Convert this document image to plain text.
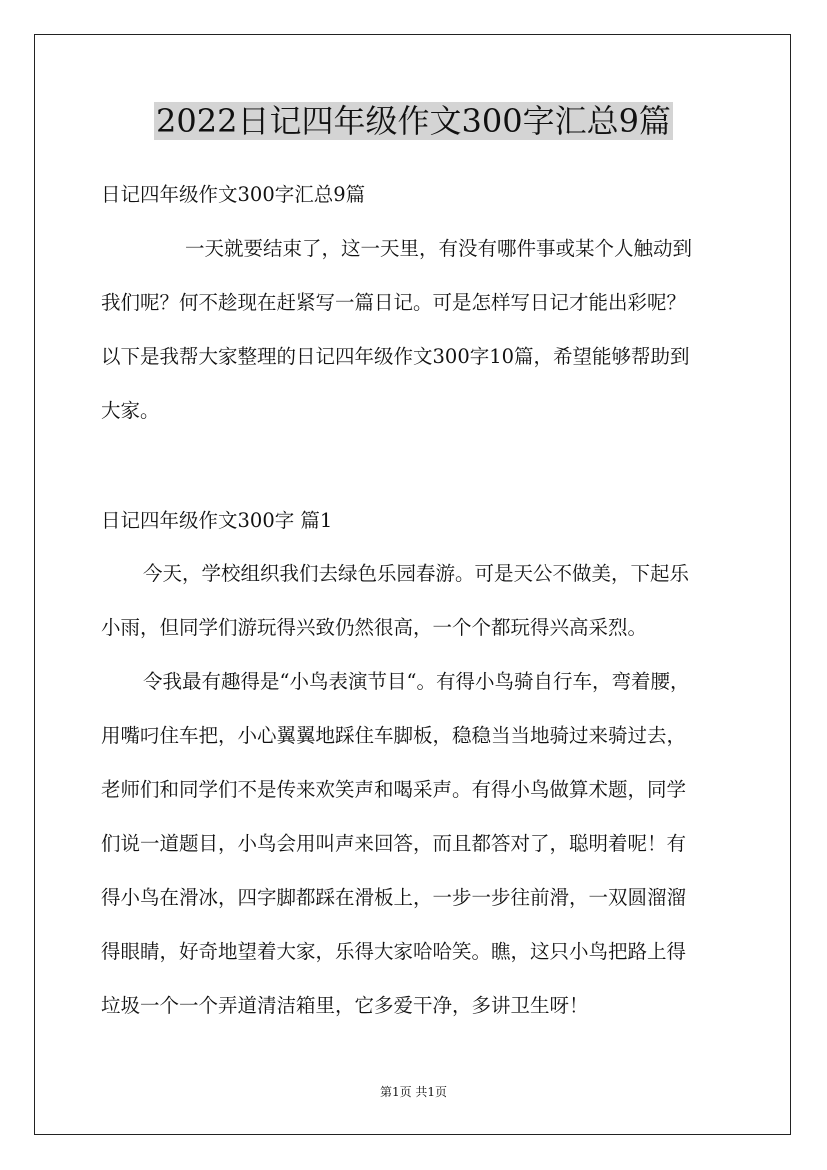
2022日记四年级作文300字汇总9篇

日记四年级作文300字汇总9篇

一天就要结束了，这一天里，有没有哪件事或某个人触动到

我们呢？何不趁现在赶紧写一篇日记。可是怎样写日记才能出彩呢？

以下是我帮大家整理的日记四年级作文300字10篇，希望能够帮助到

大家。

日记四年级作文300字 篇1

今天，学校组织我们去绿色乐园春游。可是天公不做美，下起乐

小雨，但同学们游玩得兴致仍然很高，一个个都玩得兴高采烈。

令我最有趣得是“小鸟表演节目“。有得小鸟骑自行车，弯着腰，

用嘴叼住车把，小心翼翼地踩住车脚板，稳稳当当地骑过来骑过去，

老师们和同学们不是传来欢笑声和喝采声。有得小鸟做算术题，同学

们说一道题目，小鸟会用叫声来回答，而且都答对了，聪明着呢！有

得小鸟在滑冰，四字脚都踩在滑板上，一步一步往前滑，一双圆溜溜

得眼睛，好奇地望着大家，乐得大家哈哈笑。瞧，这只小鸟把路上得

垃圾一个一个弄道清洁箱里，它多爱干净，多讲卫生呀！

第1页 共1页
